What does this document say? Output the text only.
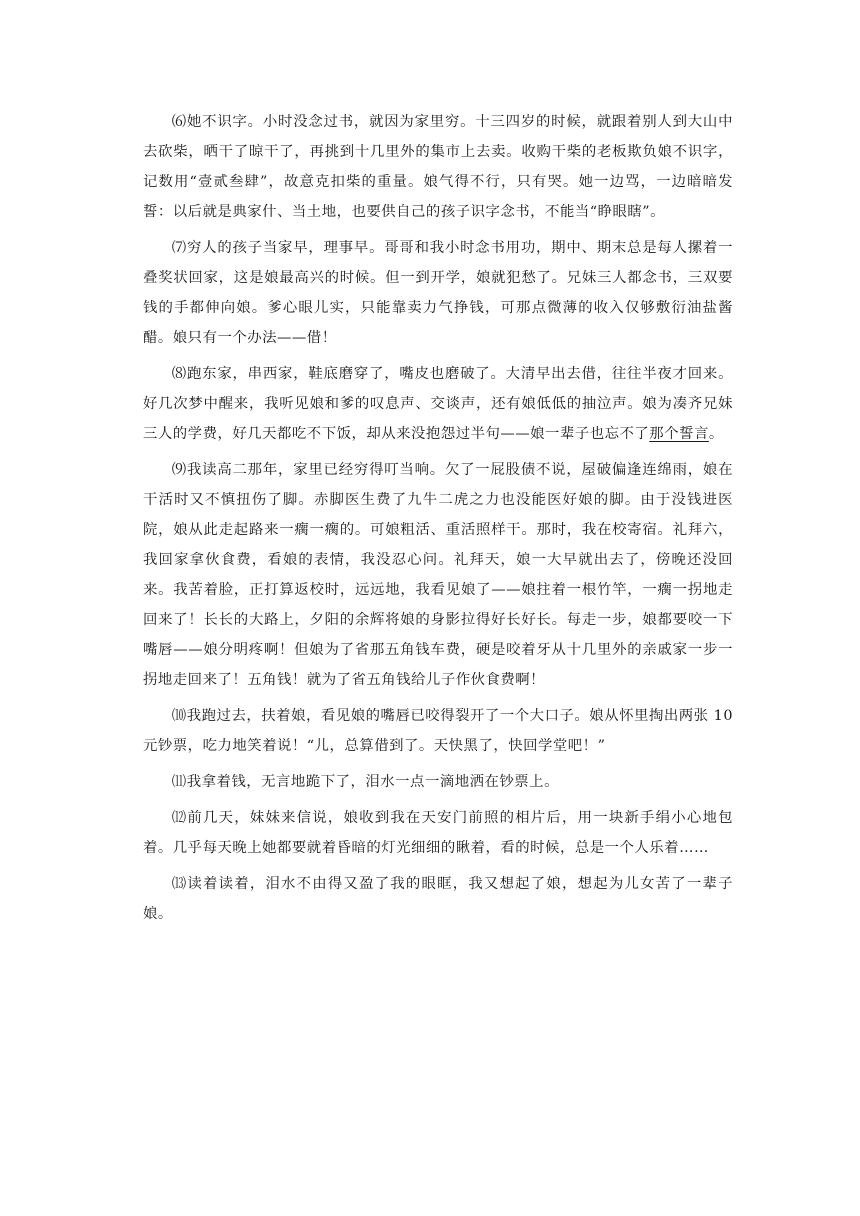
⑹她不识字。小时没念过书，就因为家里穷。十三四岁的时候，就跟着别人到大山中去砍柴，晒干了晾干了，再挑到十几里外的集市上去卖。收购干柴的老板欺负娘不识字，记数用“壹贰叁肆”，故意克扣柴的重量。娘气得不行，只有哭。她一边骂，一边暗暗发誓：以后就是典家什、当土地，也要供自己的孩子识字念书，不能当“睁眼瞎”。

⑺穷人的孩子当家早，理事早。哥哥和我小时念书用功，期中、期末总是每人摞着一叠奖状回家，这是娘最高兴的时候。但一到开学，娘就犯愁了。兄妹三人都念书，三双要钱的手都伸向娘。爹心眼儿实，只能靠卖力气挣钱，可那点微薄的收入仅够敷衍油盐酱醋。娘只有一个办法——借！

⑻跑东家，串西家，鞋底磨穿了，嘴皮也磨破了。大清早出去借，往往半夜才回来。好几次梦中醒来，我听见娘和爹的叹息声、交谈声，还有娘低低的抽泣声。娘为凑齐兄妹三人的学费，好几天都吃不下饭，却从来没抱怨过半句——娘一辈子也忘不了那个誓言。

⑼我读高二那年，家里已经穷得叮当响。欠了一屁股债不说，屋破偏逢连绵雨，娘在干活时又不慎扭伤了脚。赤脚医生费了九牛二虎之力也没能医好娘的脚。由于没钱进医院，娘从此走起路来一瘸一瘸的。可娘粗活、重活照样干。那时，我在校寄宿。礼拜六，我回家拿伙食费，看娘的表情，我没忍心问。礼拜天，娘一大早就出去了，傍晚还没回来。我苦着脸，正打算返校时，远远地，我看见娘了——娘拄着一根竹竿，一瘸一拐地走回来了！长长的大路上，夕阳的余辉将娘的身影拉得好长好长。每走一步，娘都要咬一下嘴唇——娘分明疼啊！但娘为了省那五角钱车费，硬是咬着牙从十几里外的亲戚家一步一拐地走回来了！五角钱！就为了省五角钱给儿子作伙食费啊！

⑽我跑过去，扶着娘，看见娘的嘴唇已咬得裂开了一个大口子。娘从怀里掏出两张 10 元钞票，吃力地笑着说！“儿，总算借到了。天快黑了，快回学堂吧！”

⑾我拿着钱，无言地跪下了，泪水一点一滴地洒在钞票上。

⑿前几天，妹妹来信说，娘收到我在天安门前照的相片后，用一块新手绢小心地包着。几乎每天晚上她都要就着昏暗的灯光细细的瞅着，看的时候，总是一个人乐着……

⒀读着读着，泪水不由得又盈了我的眼眶，我又想起了娘，想起为儿女苦了一辈子娘。
